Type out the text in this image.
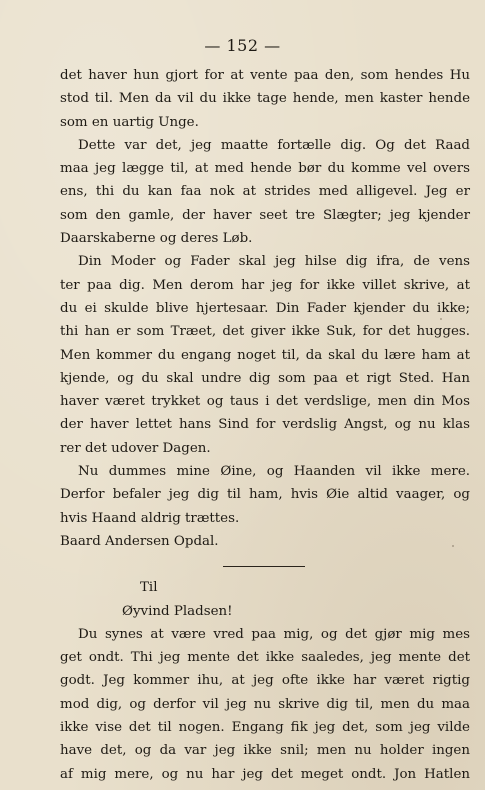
— 152 —
det haver hun gjort for at vente paa den, som hendes Hu
stod til. Men da vil du ikke tage hende, men kaster hende
som en uartig Unge.
Dette var det, jeg maatte fortælle dig. Og det Raad
maa jeg lægge til, at med hende bør du komme vel overs
ens, thi du kan faa nok at strides med alligevel. Jeg er
som den gamle, der haver seet tre Slægter; jeg kjender
Daarskaberne og deres Løb.
Din Moder og Fader skal jeg hilse dig ifra, de vens
ter paa dig. Men derom har jeg for ikke villet skrive, at
du ei skulde blive hjertesaar. Din Fader kjender du ikke;
thi han er som Træet, det giver ikke Suk, for det hugges.
Men kommer du engang noget til, da skal du lære ham at
kjende, og du skal undre dig som paa et rigt Sted. Han
haver været trykket og taus i det verdslige, men din Mos
der haver lettet hans Sind for verdslig Angst, og nu klas
rer det udover Dagen.
Nu dummes mine Øine, og Haanden vil ikke mere.
Derfor befaler jeg dig til ham, hvis Øie altid vaager, og
hvis Haand aldrig trættes.
Baard Andersen Opdal.
Til
Øyvind Pladsen!
Du synes at være vred paa mig, og det gjør mig mes
get ondt. Thi jeg mente det ikke saaledes, jeg mente det
godt. Jeg kommer ihu, at jeg ofte ikke har været rigtig
mod dig, og derfor vil jeg nu skrive dig til, men du maa
ikke vise det til nogen. Engang fik jeg det, som jeg vilde
have det, og da var jeg ikke snil; men nu holder ingen
af mig mere, og nu har jeg det meget ondt. Jon Hatlen
